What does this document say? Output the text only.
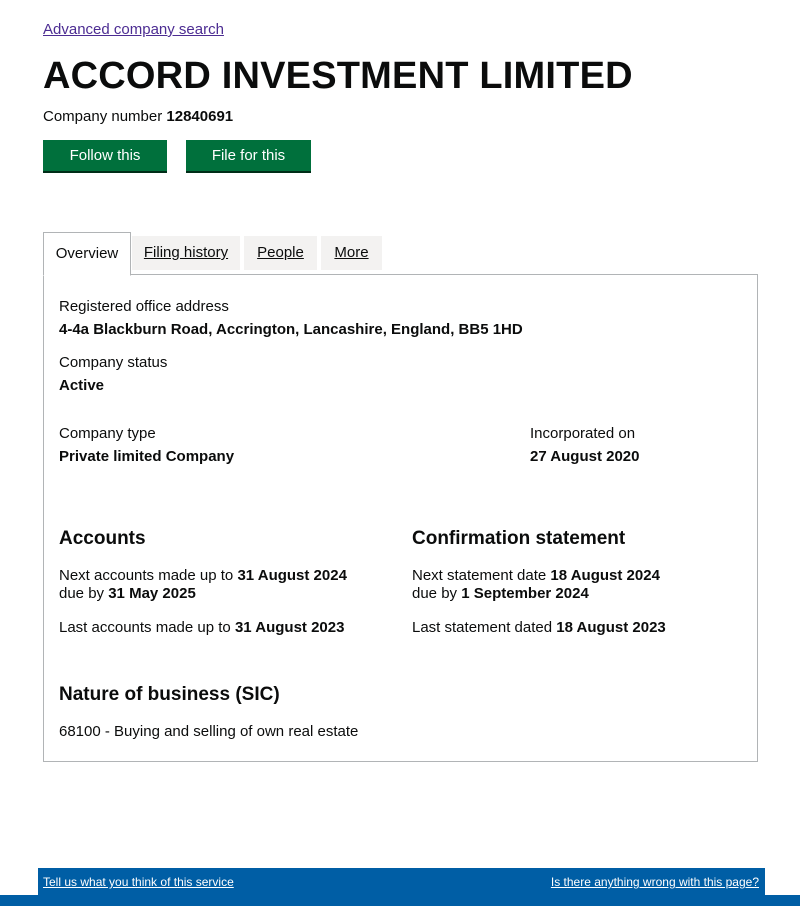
Advanced company search
ACCORD INVESTMENT LIMITED
Company number 12840691
Follow this company
File for this company
Overview	Filing history	People	More
Registered office address
4-4a Blackburn Road, Accrington, Lancashire, England, BB5 1HD
Company status
Active
Company type
Private limited Company
Incorporated on
27 August 2020
Accounts
Next accounts made up to 31 August 2024
due by 31 May 2025
Last accounts made up to 31 August 2023
Confirmation statement
Next statement date 18 August 2024
due by 1 September 2024
Last statement dated 18 August 2023
Nature of business (SIC)
68100 - Buying and selling of own real estate
Tell us what you think of this service	Is there anything wrong with this page?
